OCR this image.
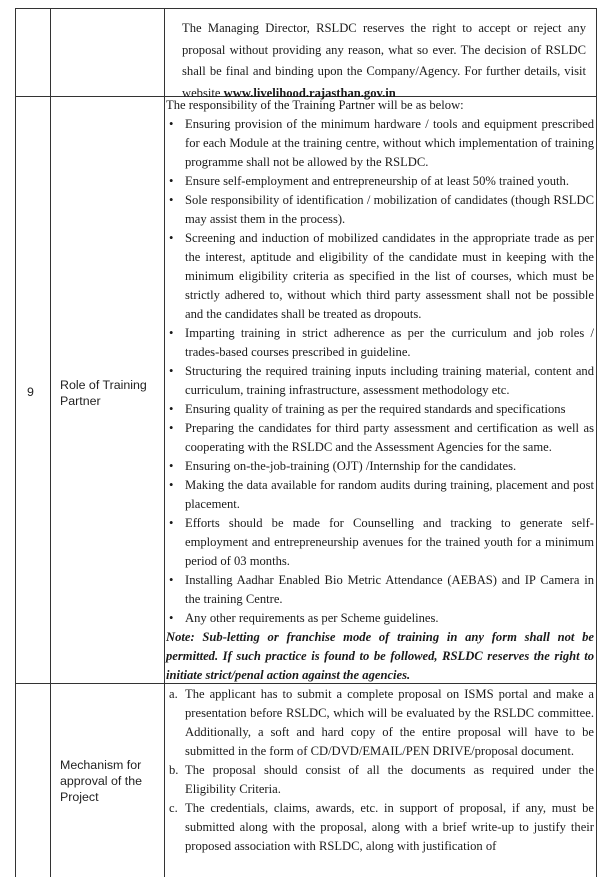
The Managing Director, RSLDC reserves the right to accept or reject any proposal without providing any reason, what so ever. The decision of RSLDC shall be final and binding upon the Company/Agency. For further details, visit website www.livelihood.rajasthan.gov.in
9 Role of Training Partner
The responsibility of the Training Partner will be as below:
• Ensuring provision of the minimum hardware / tools and equipment prescribed for each Module at the training centre, without which implementation of training programme shall not be allowed by the RSLDC.
• Ensure self-employment and entrepreneurship of at least 50% trained youth.
• Sole responsibility of identification / mobilization of candidates (though RSLDC may assist them in the process).
• Screening and induction of mobilized candidates in the appropriate trade as per the interest, aptitude and eligibility of the candidate must in keeping with the minimum eligibility criteria as specified in the list of courses, which must be strictly adhered to, without which third party assessment shall not be possible and the candidates shall be treated as dropouts.
• Imparting training in strict adherence as per the curriculum and job roles / trades-based courses prescribed in guideline.
• Structuring the required training inputs including training material, content and curriculum, training infrastructure, assessment methodology etc.
• Ensuring quality of training as per the required standards and specifications
• Preparing the candidates for third party assessment and certification as well as cooperating with the RSLDC and the Assessment Agencies for the same.
• Ensuring on-the-job-training (OJT) /Internship for the candidates.
• Making the data available for random audits during training, placement and post placement.
• Efforts should be made for Counselling and tracking to generate self-employment and entrepreneurship avenues for the trained youth for a minimum period of 03 months.
• Installing Aadhar Enabled Bio Metric Attendance (AEBAS) and IP Camera in the training Centre.
• Any other requirements as per Scheme guidelines.
Note: Sub-letting or franchise mode of training in any form shall not be permitted. If such practice is found to be followed, RSLDC reserves the right to initiate strict/penal action against the agencies.
Mechanism for approval of the Project
a. The applicant has to submit a complete proposal on ISMS portal and make a presentation before RSLDC, which will be evaluated by the RSLDC committee. Additionally, a soft and hard copy of the entire proposal will have to be submitted in the form of CD/DVD/EMAIL/PEN DRIVE/proposal document.
b. The proposal should consist of all the documents as required under the Eligibility Criteria.
c. The credentials, claims, awards, etc. in support of proposal, if any, must be submitted along with the proposal, along with a brief write-up to justify their proposed association with RSLDC, along with justification of
